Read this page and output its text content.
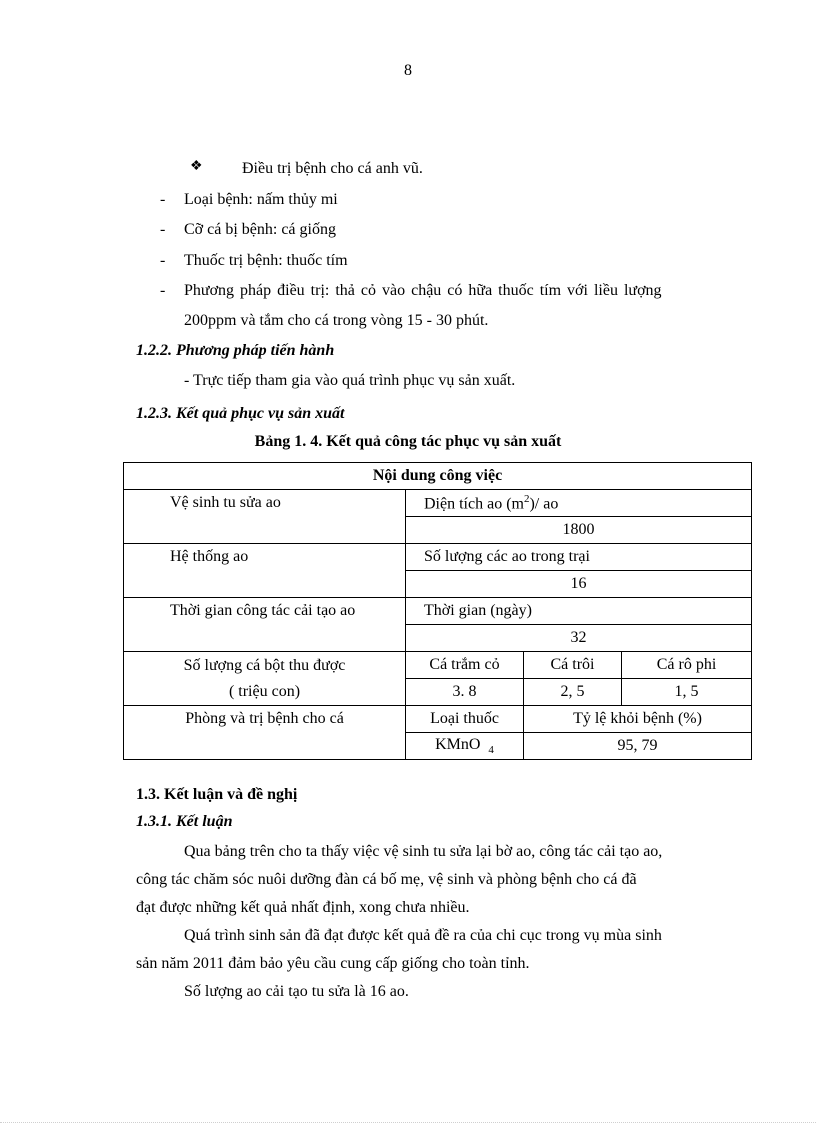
8
❖ Điều trị bệnh cho cá anh vũ.
- Loại bệnh: nấm thủy mi
- Cỡ cá bị bệnh: cá giống
- Thuốc trị bệnh: thuốc tím
- Phương pháp điều trị: thả cỏ vào chậu có hữa thuốc tím với liều lượng
200ppm và tắm cho cá trong vòng 15 - 30 phút.
1.2.2. Phương pháp tiến hành
- Trực tiếp tham gia vào quá trình phục vụ sản xuất.
1.2.3. Kết quả phục vụ sản xuất
Bảng 1. 4. Kết quả công tác phục vụ sản xuất
Nội dung công việc			
Vệ sinh tu sửa ao	Diện tích ao $(m^2)/$ ao		
	1800		
Hệ thống ao	Số lượng các ao trong trại		
	16		
Thời gian công tác cải tạo ao	Thời gian (ngày)		
	32		

Số lượng cá bột thu được
( triệu con)	Cá trắm cỏ	Cá trôi	Cá rô phi
	3. 8	2, 5	1, 5
Phòng và trị bệnh cho cá	Loại thuốc	Tỷ lệ khỏi bệnh (%)	
	KMnO $_4$	95, 79	
1.3. Kết luận và đề nghị
1.3.1. Kết luận
Qua bảng trên cho ta thấy việc vệ sinh tu sửa lại bờ ao, công tác cải tạo ao,
công tác chăm sóc nuôi dưỡng đàn cá bố mẹ, vệ sinh và phòng bệnh cho cá đã
đạt được những kết quả nhất định, xong chưa nhiều.
Quá trình sinh sản đã đạt được kết quả đề ra của chi cục trong vụ mùa sinh
sản năm 2011 đảm bảo yêu cầu cung cấp giống cho toàn tỉnh.
Số lượng ao cải tạo tu sửa là 16 ao.
